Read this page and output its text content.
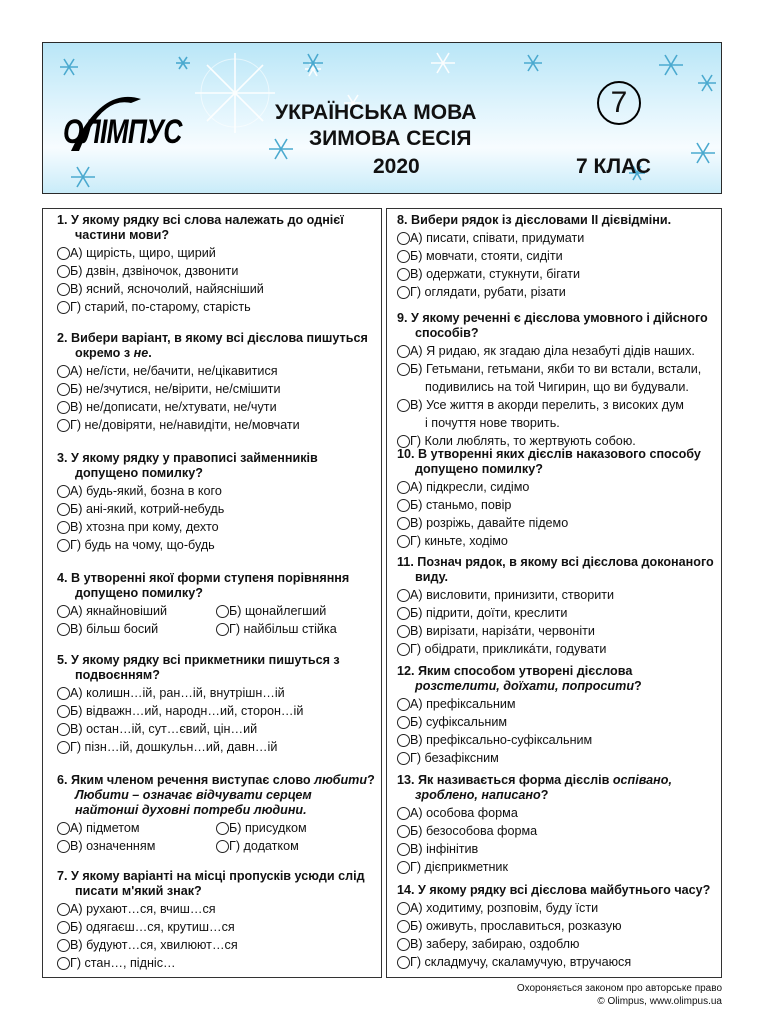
ОЛІМПУС
УКРАЇНСЬКА МОВА
ЗИМОВА СЕСІЯ
2020	7 КЛАС
7

1. У якому рядку всі слова належать до однієї частини мови?

А) щирість, щиро, щирий
Б) дзвін, дзвіночок, дзвонити
В) ясний, ясночолий, найясніший
Г) старий, по-старому, старість

2. Вибери варіант, в якому всі дієслова пишуться окремо з не.

А) не/їсти, не/бачити, не/цікавитися
Б) не/зчутися, не/вірити, не/смішити
В) не/дописати, не/хтувати, не/чути
Г) не/довіряти, не/навидіти, не/мовчати

3. У якому рядку у правописі займенників допущено помилку?

А) будь-який, бозна в кого
Б) ані-який, котрий-небудь
В) хтозна при кому, дехто
Г) будь на чому, що-будь

4. В утворенні якої форми ступеня порівняння допущено помилку?

А) якнайновіший	Б) щонайлегший
В) більш босий	Г) найбільш стійка

5. У якому рядку всі прикметники пишуться з подвоєнням?

А) колишн…ій, ран…ій, внутрішн…ій
Б) відважн…ий, народн…ий, сторон…ій
В) остан…ій, сут…євий, цін…ий
Г) пізн…ій, дошкульн…ий, давн…ій

6. Яким членом речення виступає слово любити?
Любити – означає відчувати серцем найтонші духовні потреби людини.

А) підметом	Б) присудком
В) означенням	Г) додатком

7. У якому варіанті на місці пропусків усюди слід писати м'який знак?

А) рухают…ся, вчиш…ся
Б) одягаєш…ся, крутиш…ся
В) будуют…ся, хвилюют…ся
Г) стан…, підніс…

8. Вибери рядок із дієсловами ІІ дієвідміни.

А) писати, співати, придумати
Б) мовчати, стояти, сидіти
В) одержати, стукнути, бігати
Г) оглядати, рубати, різати

9. У якому реченні є дієслова умовного і дійсного способів?

А) Я ридаю, як згадаю діла незабуті дідів наших.
Б) Гетьмани, гетьмани, якби то ви встали, встали,
подивились на той Чигирин, що ви будували.
В) Усе життя в акорди перелить, з високих дум
і почуття нове творить.
Г) Коли люблять, то жертвують собою.

10. В утворенні яких дієслів наказового способу допущено помилку?

А) підкресли, сидімо
Б) станьмо, повір
В) розріжь, давайте підемо
Г) киньте, ходімо

11. Познач рядок, в якому всі дієслова доконаного виду.

А) висловити, принизити, створити
Б) підрити, доїти, креслити
В) вирізати, нарізáти, червоніти
Г) обідрати, прикликáти, годувати

12. Яким способом утворені дієслова
розстелити, доїхати, попросити?

А) префіксальним
Б) суфіксальним
В) префіксально-суфіксальним
Г) безафіксним

13. Як називається форма дієслів оспівано,
зроблено, написано?

А) особова форма
Б) безособова форма
В) інфінітив
Г) дієприкметник

14. У якому рядку всі дієслова майбутнього часу?

А) ходитиму, розповім, буду їсти
Б) оживуть, прославиться, розказую
В) заберу, забираю, оздоблю
Г) складмучу, скаламучую, втручаюся
Охороняється законом про авторське право
© Olimpus, www.olimpus.ua
